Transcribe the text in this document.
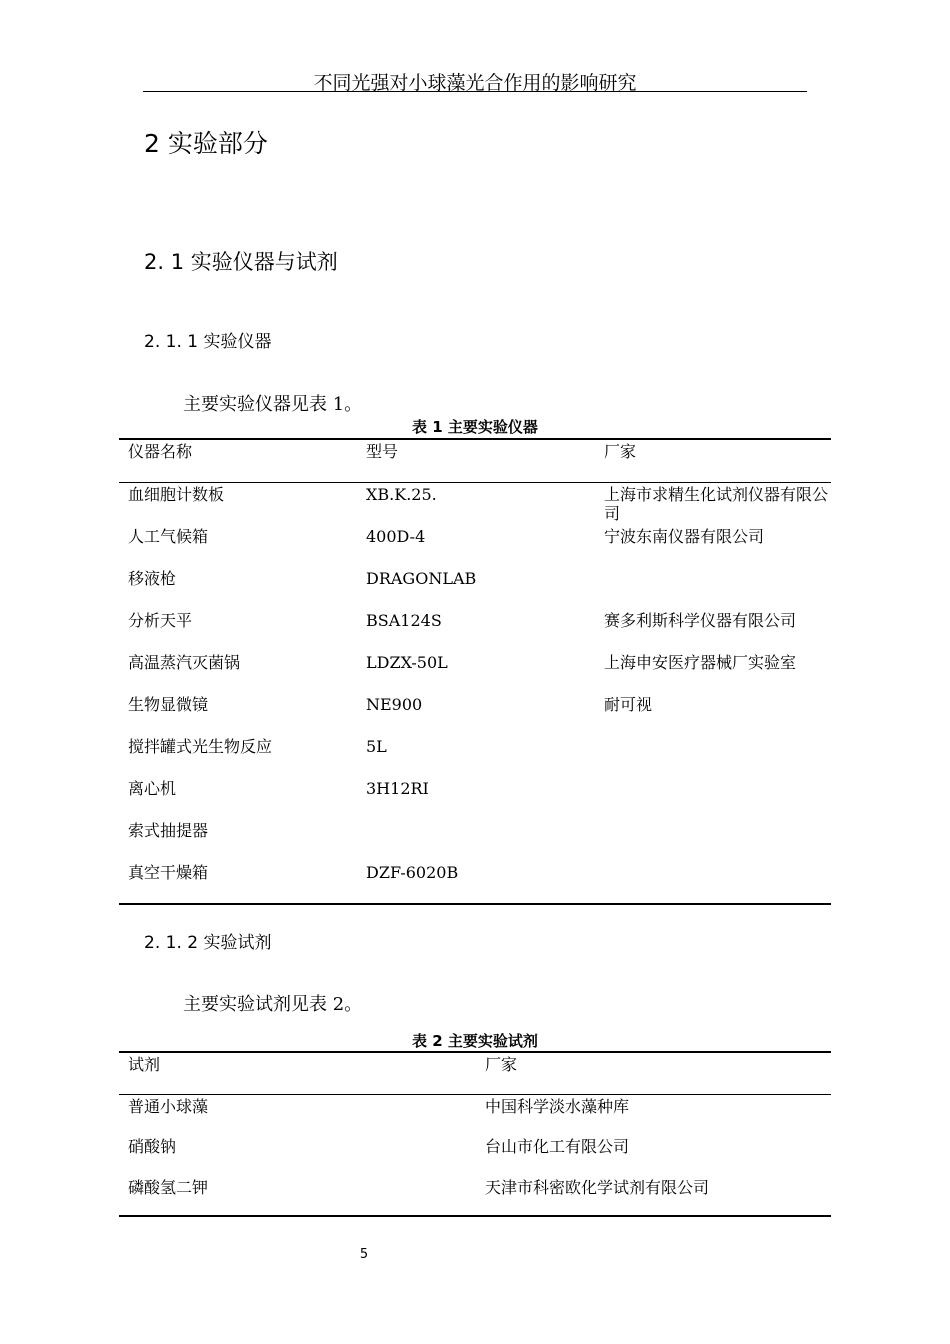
不同光强对小球藻光合作用的影响研究
2 实验部分
2. 1 实验仪器与试剂
2. 1. 1 实验仪器
主要实验仪器见表 1。
表 1 主要实验仪器
仪器名称	型号	厂家
血细胞计数板	XB.K.25.	上海市求精生化试剂仪器有限公司
人工气候箱	400D-4	宁波东南仪器有限公司
移液枪	DRAGONLAB
分析天平	BSA124S	赛多利斯科学仪器有限公司
高温蒸汽灭菌锅	LDZX-50L	上海申安医疗器械厂实验室
生物显微镜	NE900	耐可视
搅拌罐式光生物反应	5L
离心机	3H12RI
索式抽提器
真空干燥箱	DZF-6020B
2. 1. 2 实验试剂
主要实验试剂见表 2。
表 2 主要实验试剂
试剂	厂家
普通小球藻	中国科学淡水藻种库
硝酸钠	台山市化工有限公司
磷酸氢二钾	天津市科密欧化学试剂有限公司
5
